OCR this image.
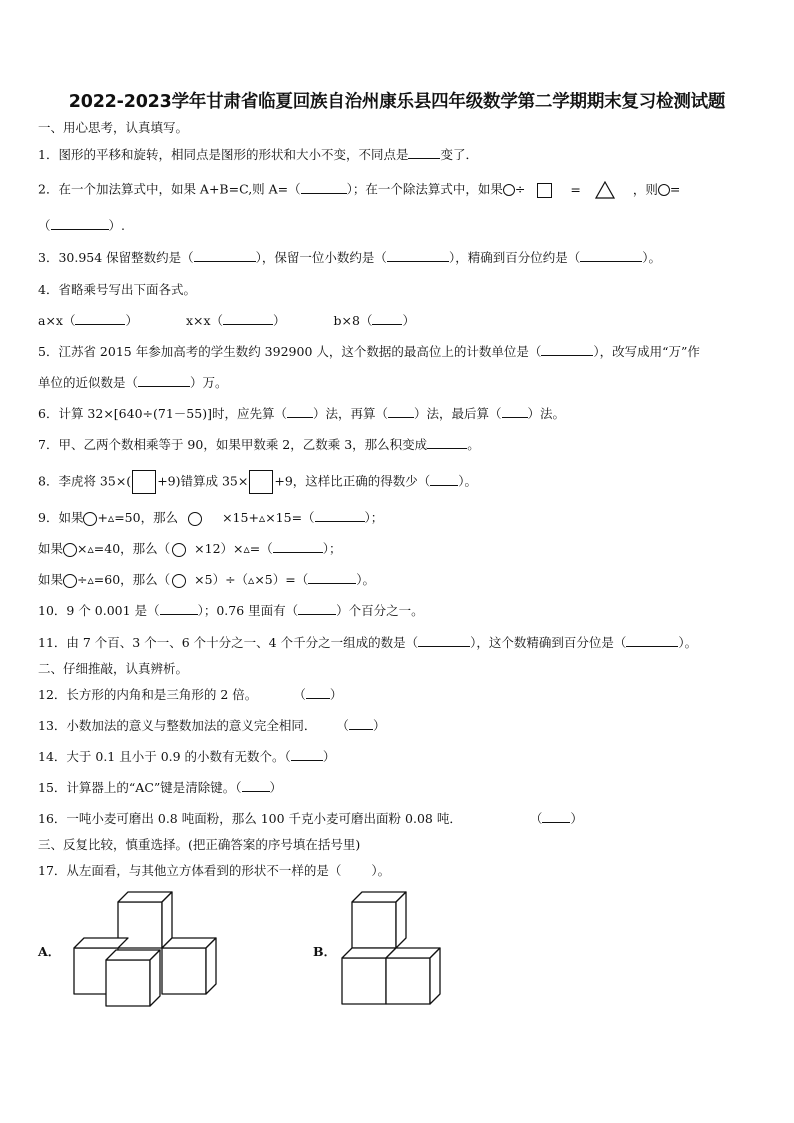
2022-2023学年甘肃省临夏回族自治州康乐县四年级数学第二学期期末复习检测试题
一、用心思考，认真填写。
1．图形的平移和旋转，相同点是图形的形状和大小不变，不同点是	变了．
2．在一个加法算式中，如果 A+B=C,则 A=（	）；在一个除法算式中，如果 ÷	=	，则 =
（	）.
3．30.954 保留整数约是（	），保留一位小数约是（	），精确到百分位约是（	）。
4．省略乘号写出下面各式。
a×x（	）	x×x（	）	b×8（ ）
5．江苏省 2015 年参加高考的学生数约 392900 人，这个数据的最高位上的计数单位是（	），改写成用“万”作
单位的近似数是（	）万。
6．计算 32×[640÷(71－55)]时，应先算（ ）法，再算（ ）法，最后算（ ）法。
7．甲、乙两个数相乘等于 90，如果甲数乘 2，乙数乘 3，那么积变成	。
8．李虎将 35×( +9)错算成 35× +9，这样比正确的得数少（ ）。
9．如果 +▵=50，那么	×15+▵×15=（	）；
如果 ×▵=40，那么（ ×12）×▵=（	）；
如果 ÷▵=60，那么（ ×5）÷（▵×5）=（	）。
10．9 个 0.001 是（	）；0.76 里面有（	）个百分之一。
11．由 7 个百、3 个一、6 个十分之一、4 个千分之一组成的数是（	），这个数精确到百分位是（	）。
二、仔细推敲，认真辨析。
12．长方形的内角和是三角形的 2 倍。	（ ）
13．小数加法的意义与整数加法的意义完全相同． （ ）
14．大于 0.1 且小于 0.9 的小数有无数个。（	）
15．计算器上的“AC”键是清除键。（ ）
16．一吨小麦可磨出 0.8 吨面粉，那么 100 千克小麦可磨出面粉 0.08 吨．	（ ）
三、反复比较，慎重选择。(把正确答案的序号填在括号里)
17．从左面看，与其他立方体看到的形状不一样的是（ ）。
A．	B．
